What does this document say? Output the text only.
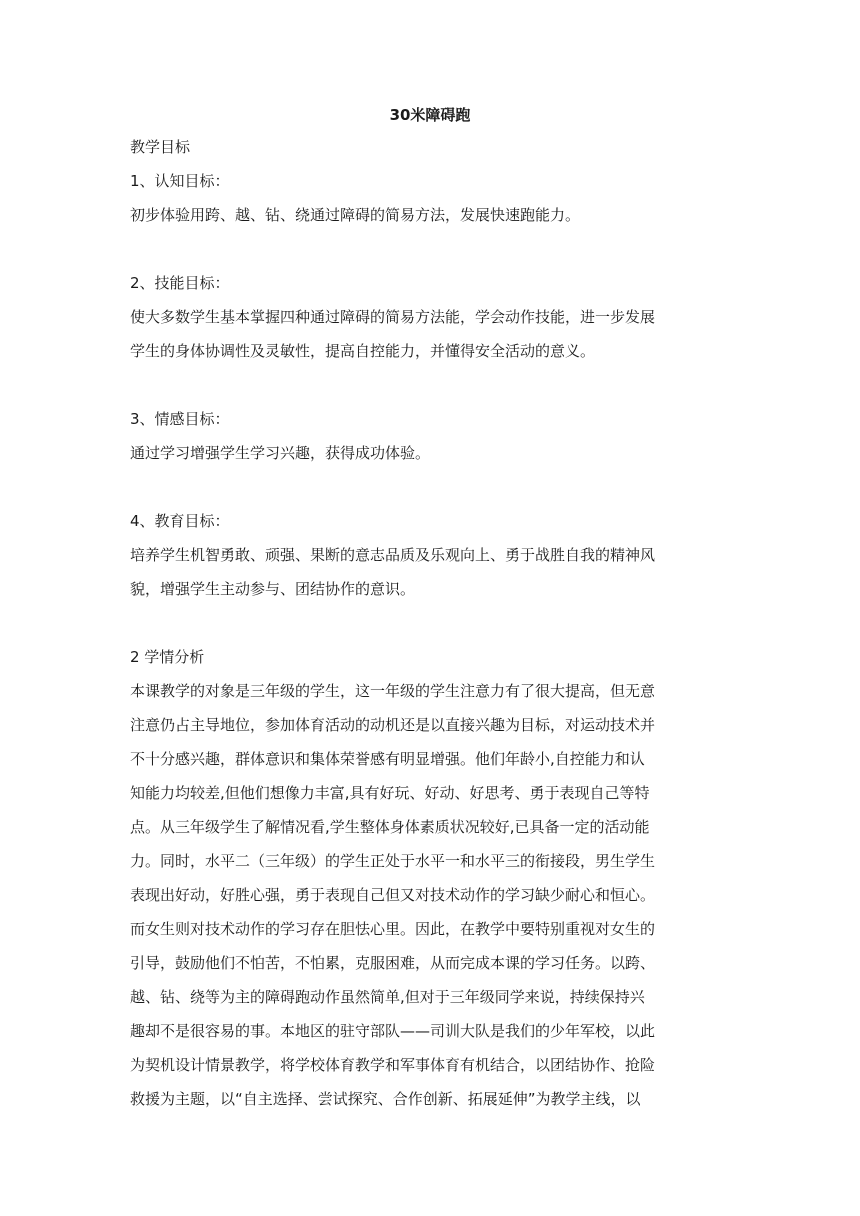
30米障碍跑
教学目标
1、认知目标：
初步体验用跨、越、钻、绕通过障碍的简易方法，发展快速跑能力。
2、技能目标：
使大多数学生基本掌握四种通过障碍的简易方法能，学会动作技能，进一步发展
学生的身体协调性及灵敏性，提高自控能力，并懂得安全活动的意义。
3、情感目标：
通过学习增强学生学习兴趣，获得成功体验。
4、教育目标：
培养学生机智勇敢、顽强、果断的意志品质及乐观向上、勇于战胜自我的精神风
貌，增强学生主动参与、团结协作的意识。
2 学情分析
本课教学的对象是三年级的学生，这一年级的学生注意力有了很大提高，但无意
注意仍占主导地位，参加体育活动的动机还是以直接兴趣为目标，对运动技术并
不十分感兴趣，群体意识和集体荣誉感有明显增强。他们年龄小,自控能力和认
知能力均较差,但他们想像力丰富,具有好玩、好动、好思考、勇于表现自己等特
点。从三年级学生了解情况看,学生整体身体素质状况较好,已具备一定的活动能
力。同时，水平二（三年级）的学生正处于水平一和水平三的衔接段，男生学生
表现出好动，好胜心强，勇于表现自己但又对技术动作的学习缺少耐心和恒心。
而女生则对技术动作的学习存在胆怯心里。因此，在教学中要特别重视对女生的
引导，鼓励他们不怕苦，不怕累，克服困难，从而完成本课的学习任务。以跨、
越、钻、绕等为主的障碍跑动作虽然简单,但对于三年级同学来说，持续保持兴
趣却不是很容易的事。本地区的驻守部队——司训大队是我们的少年军校，以此
为契机设计情景教学，将学校体育教学和军事体育有机结合，以团结协作、抢险
救援为主题，以“自主选择、尝试探究、合作创新、拓展延伸”为教学主线，以
